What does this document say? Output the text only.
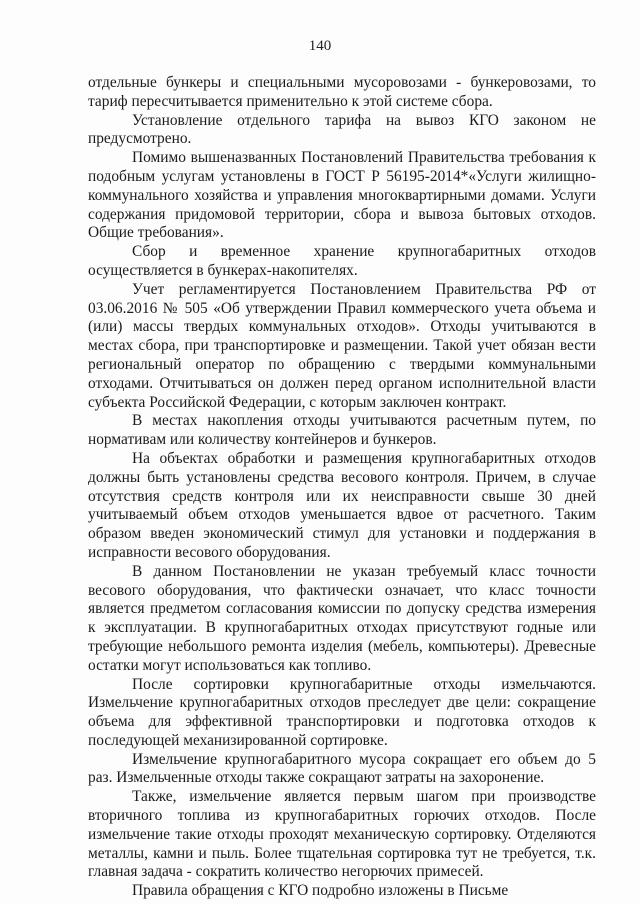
140

отдельные бункеры и специальными мусоровозами - бункеровозами, то тариф пересчитывается применительно к этой системе сбора.

Установление отдельного тарифа на вывоз КГО законом не предусмотрено.

Помимо вышеназванных Постановлений Правительства требования к подобным услугам установлены в ГОСТ Р 56195-2014*«Услуги жилищно-коммунального хозяйства и управления многоквартирными домами. Услуги содержания придомовой территории, сбора и вывоза бытовых отходов. Общие требования».

Сбор и временное хранение крупногабаритных отходов осуществляется в бункерах-накопителях.

Учет регламентируется Постановлением Правительства РФ от 03.06.2016 № 505 «Об утверждении Правил коммерческого учета объема и (или) массы твердых коммунальных отходов». Отходы учитываются в местах сбора, при транспортировке и размещении. Такой учет обязан вести региональный оператор по обращению с твердыми коммунальными отходами. Отчитываться он должен перед органом исполнительной власти субъекта Российской Федерации, с которым заключен контракт.

В местах накопления отходы учитываются расчетным путем, по нормативам или количеству контейнеров и бункеров.

На объектах обработки и размещения крупногабаритных отходов должны быть установлены средства весового контроля. Причем, в случае отсутствия средств контроля или их неисправности свыше 30 дней учитываемый объем отходов уменьшается вдвое от расчетного. Таким образом введен экономический стимул для установки и поддержания в исправности весового оборудования.

В данном Постановлении не указан требуемый класс точности весового оборудования, что фактически означает, что класс точности является предметом согласования комиссии по допуску средства измерения к эксплуатации. В крупногабаритных отходах присутствуют годные или требующие небольшого ремонта изделия (мебель, компьютеры). Древесные остатки могут использоваться как топливо.

После сортировки крупногабаритные отходы измельчаются. Измельчение крупногабаритных отходов преследует две цели: сокращение объема для эффективной транспортировки и подготовка отходов к последующей механизированной сортировке.

Измельчение крупногабаритного мусора сокращает его объем до 5 раз. Измельченные отходы также сокращают затраты на захоронение.

Также, измельчение является первым шагом при производстве вторичного топлива из крупногабаритных горючих отходов. После измельчение такие отходы проходят механическую сортировку. Отделяются металлы, камни и пыль. Более тщательная сортировка тут не требуется, т.к. главная задача - сократить количество негорючих примесей.

Правила обращения с КГО подробно изложены в Письме
